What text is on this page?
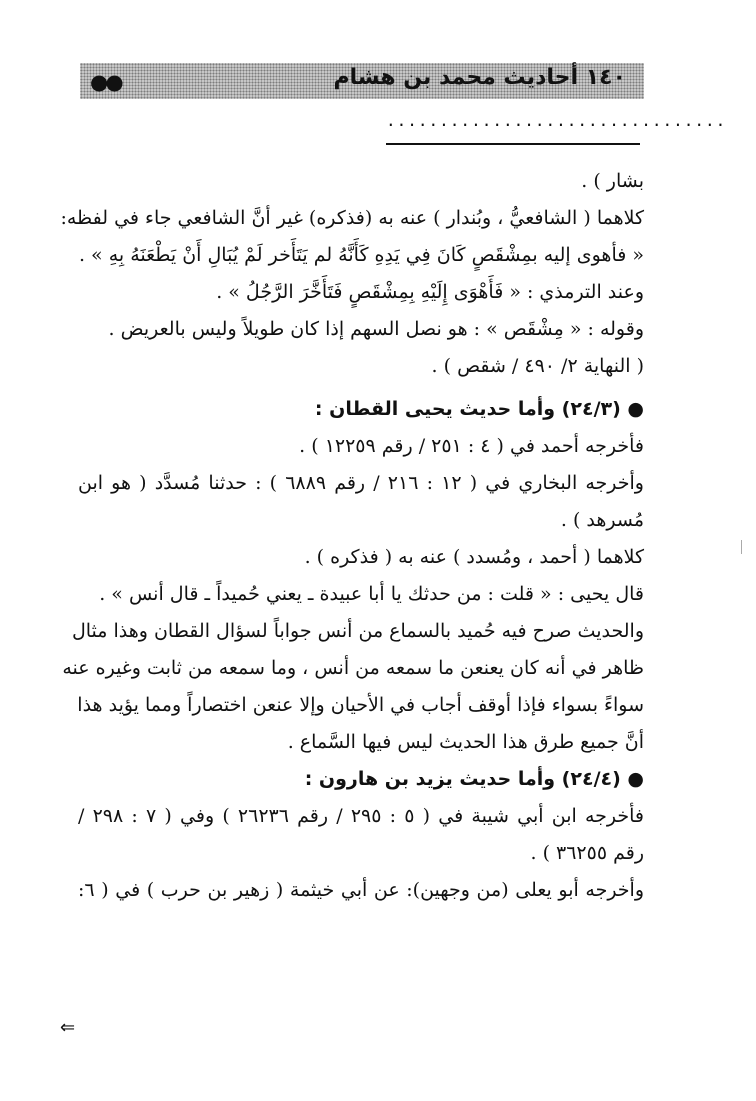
١٤٠ أحاديث محمد بن هشام
●●
................................
بشار ) .
كلاهما ( الشافعيُّ ، وبُندار ) عنه به (فذكره) غير أنَّ الشافعي جاء في لفظه:
« فأهوى إليه بمِشْقَصٍ كَانَ فِي يَدِهِ كَأَنَّهُ لم يَتَأَخر لَمْ يُبَالِ أَنْ يَطْعَنَهُ بِهِ » .
وعند الترمذي : « فَأَهْوَى إِلَيْهِ بِمِشْقَصٍ فَتَأَخَّرَ الرَّجُلُ » .
وقوله : « مِشْقَص » : هو نصل السهم إذا كان طويلاً وليس بالعريض .
( النهاية ٢/ ٤٩٠ / شقص ) .
● (٢٤/٣) وأما حديث يحيى القطان :
فأخرجه أحمد في ( ٤ : ٢٥١ / رقم ١٢٢٥٩ ) .
وأخرجه البخاري في ( ١٢ : ٢١٦ / رقم ٦٨٨٩ ) : حدثنا مُسدَّد ( هو ابن
مُسرهد ) .
كلاهما ( أحمد ، ومُسدد ) عنه به ( فذكره ) .
قال يحيى : « قلت : من حدثك يا أبا عبيدة ـ يعني حُميداً ـ قال أنس » .
والحديث صرح فيه حُميد بالسماع من أنس جواباً لسؤال القطان وهذا مثال
ظاهر في أنه كان يعنعن ما سمعه من أنس ، وما سمعه من ثابت وغيره عنه
سواءً بسواء فإذا أوقف أجاب في الأحيان وإلا عنعن اختصاراً ومما يؤيد هذا
أنَّ جميع طرق هذا الحديث ليس فيها السَّماع .
● (٢٤/٤) وأما حديث يزيد بن هارون :
فأخرجه ابن أبي شيبة في ( ٥ : ٢٩٥ / رقم ٢٦٢٣٦ ) وفي ( ٧ : ٢٩٨ /
رقم ٣٦٢٥٥ ) .
وأخرجه أبو يعلى (من وجهين): عن أبي خيثمة ( زهير بن حرب ) في ( ٦:
⇐
